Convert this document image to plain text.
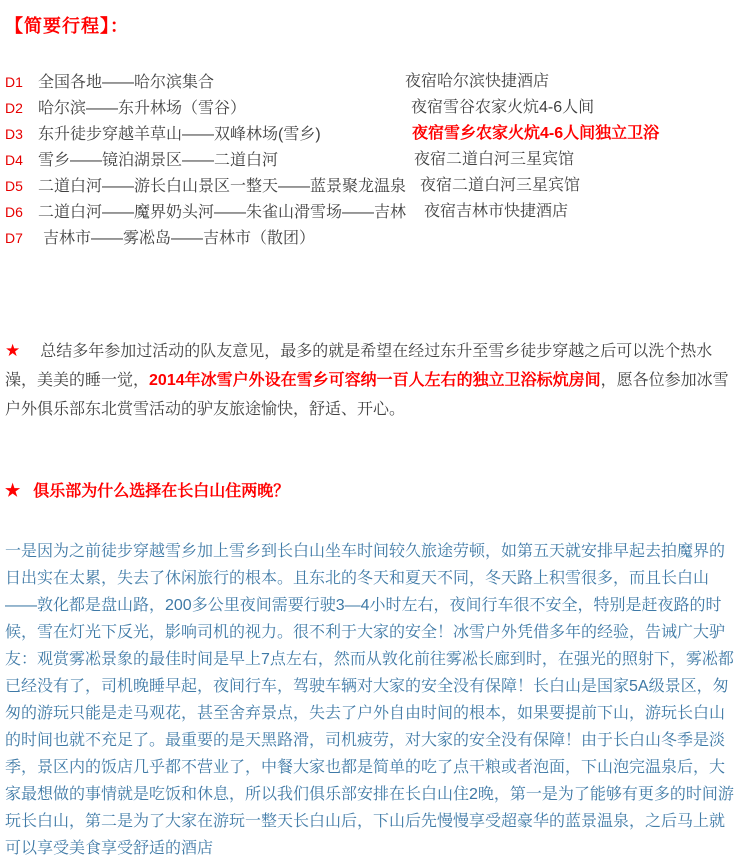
【简要行程】：
D1 全国各地——哈尔滨集合	夜宿哈尔滨快捷酒店
D2 哈尔滨——东升林场（雪谷）	夜宿雪谷农家火炕4-6人间
D3 东升徒步穿越羊草山——双峰林场(雪乡)	夜宿雪乡农家火炕4-6人间独立卫浴
D4 雪乡——镜泊湖景区——二道白河	夜宿二道白河三星宾馆
D5 二道白河——游长白山景区一整天——蓝景聚龙温泉 夜宿二道白河三星宾馆
D6 二道白河——魔界奶头河——朱雀山滑雪场——吉林 夜宿吉林市快捷酒店
D7 吉林市——雾凇岛——吉林市（散团）
★ 总结多年参加过活动的队友意见，最多的就是希望在经过东升至雪乡徒步穿越之后可以洗个热水澡，美美的睡一觉，2014年冰雪户外设在雪乡可容纳一百人左右的独立卫浴标炕房间，愿各位参加冰雪户外俱乐部东北赏雪活动的驴友旅途愉快，舒适、开心。
★ 俱乐部为什么选择在长白山住两晚？
一是因为之前徒步穿越雪乡加上雪乡到长白山坐车时间较久旅途劳顿，如第五天就安排早起去拍魔界的日出实在太累，失去了休闲旅行的根本。且东北的冬天和夏天不同，冬天路上积雪很多，而且长白山——敦化都是盘山路，200多公里夜间需要行驶3—4小时左右，夜间行车很不安全，特别是赶夜路的时候，雪在灯光下反光，影响司机的视力。很不利于大家的安全！冰雪户外凭借多年的经验，告诫广大驴友：观赏雾凇景象的最佳时间是早上7点左右，然而从敦化前往雾凇长廊到时，在强光的照射下，雾凇都已经没有了，司机晚睡早起，夜间行车，驾驶车辆对大家的安全没有保障！长白山是国家5A级景区，匆匆的游玩只能是走马观花，甚至舍弃景点，失去了户外自由时间的根本，如果要提前下山，游玩长白山的时间也就不充足了。最重要的是天黑路滑，司机疲劳，对大家的安全没有保障！由于长白山冬季是淡季，景区内的饭店几乎都不营业了，中餐大家也都是简单的吃了点干粮或者泡面，下山泡完温泉后，大家最想做的事情就是吃饭和休息，所以我们俱乐部安排在长白山住2晚，第一是为了能够有更多的时间游玩长白山，第二是为了大家在游玩一整天长白山后，下山后先慢慢享受超豪华的蓝景温泉，之后马上就可以享受美食享受舒适的酒店
